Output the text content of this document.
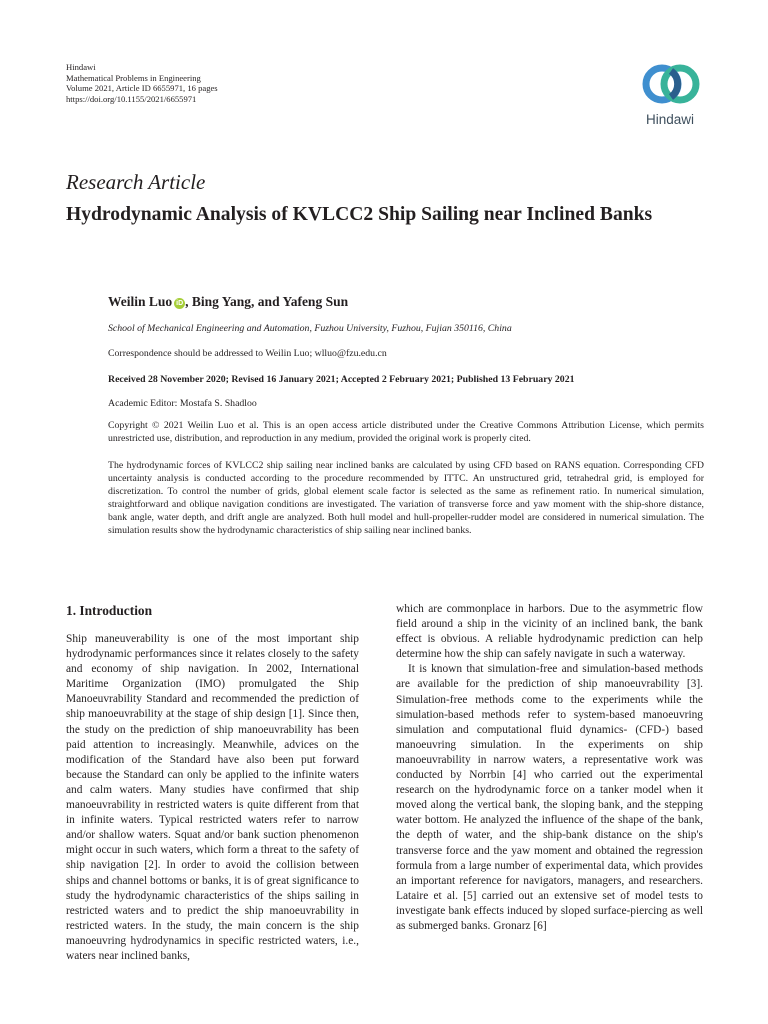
Hindawi
Mathematical Problems in Engineering
Volume 2021, Article ID 6655971, 16 pages
https://doi.org/10.1155/2021/6655971
Hindawi
Research Article
Hydrodynamic Analysis of KVLCC2 Ship Sailing near Inclined Banks
Weilin Luo iD , Bing Yang, and Yafeng Sun
School of Mechanical Engineering and Automation, Fuzhou University, Fuzhou, Fujian 350116, China
Correspondence should be addressed to Weilin Luo; wlluo@fzu.edu.cn
Received 28 November 2020; Revised 16 January 2021; Accepted 2 February 2021; Published 13 February 2021
Academic Editor: Mostafa S. Shadloo
Copyright © 2021 Weilin Luo et al. This is an open access article distributed under the Creative Commons Attribution License, which permits unrestricted use, distribution, and reproduction in any medium, provided the original work is properly cited.
The hydrodynamic forces of KVLCC2 ship sailing near inclined banks are calculated by using CFD based on RANS equation. Corresponding CFD uncertainty analysis is conducted according to the procedure recommended by ITTC. An unstructured grid, tetrahedral grid, is employed for discretization. To control the number of grids, global element scale factor is selected as the same as refinement ratio. In numerical simulation, straightforward and oblique navigation conditions are investigated. The variation of transverse force and yaw moment with the ship-shore distance, bank angle, water depth, and drift angle are analyzed. Both hull model and hull-propeller-rudder model are considered in numerical simulation. The simulation results show the hydrodynamic characteristics of ship sailing near inclined banks.
1. Introduction

Ship maneuverability is one of the most important ship hydrodynamic performances since it relates closely to the safety and economy of ship navigation. In 2002, International Maritime Organization (IMO) promulgated the Ship Manoeuvrability Standard and recommended the prediction of ship manoeuvrability at the stage of ship design [1]. Since then, the study on the prediction of ship manoeuvrability has been paid attention to increasingly. Meanwhile, advices on the modification of the Standard have also been put forward because the Standard can only be applied to the infinite waters and calm waters. Many studies have confirmed that ship manoeuvrability in restricted waters is quite different from that in infinite waters. Typical restricted waters refer to narrow and/or shallow waters. Squat and/or bank suction phenomenon might occur in such waters, which form a threat to the safety of ship navigation [2]. In order to avoid the collision between ships and channel bottoms or banks, it is of great significance to study the hydrodynamic characteristics of the ships sailing in restricted waters and to predict the ship manoeuvrability in restricted waters. In the study, the main concern is the ship manoeuvring hydrodynamics in specific restricted waters, i.e., waters near inclined banks,

which are commonplace in harbors. Due to the asymmetric flow field around a ship in the vicinity of an inclined bank, the bank effect is obvious. A reliable hydrodynamic prediction can help determine how the ship can safely navigate in such a waterway.

It is known that simulation-free and simulation-based methods are available for the prediction of ship manoeuvrability [3]. Simulation-free methods come to the experiments while the simulation-based methods refer to system-based manoeuvring simulation and computational fluid dynamics- (CFD-) based manoeuvring simulation. In the experiments on ship manoeuvrability in narrow waters, a representative work was conducted by Norrbin [4] who carried out the experimental research on the hydrodynamic force on a tanker model when it moved along the vertical bank, the sloping bank, and the stepping water bottom. He analyzed the influence of the shape of the bank, the depth of water, and the ship-bank distance on the ship's transverse force and the yaw moment and obtained the regression formula from a large number of experimental data, which provides an important reference for navigators, managers, and researchers. Lataire et al. [5] carried out an extensive set of model tests to investigate bank effects induced by sloped surface-piercing as well as submerged banks. Gronarz [6]
